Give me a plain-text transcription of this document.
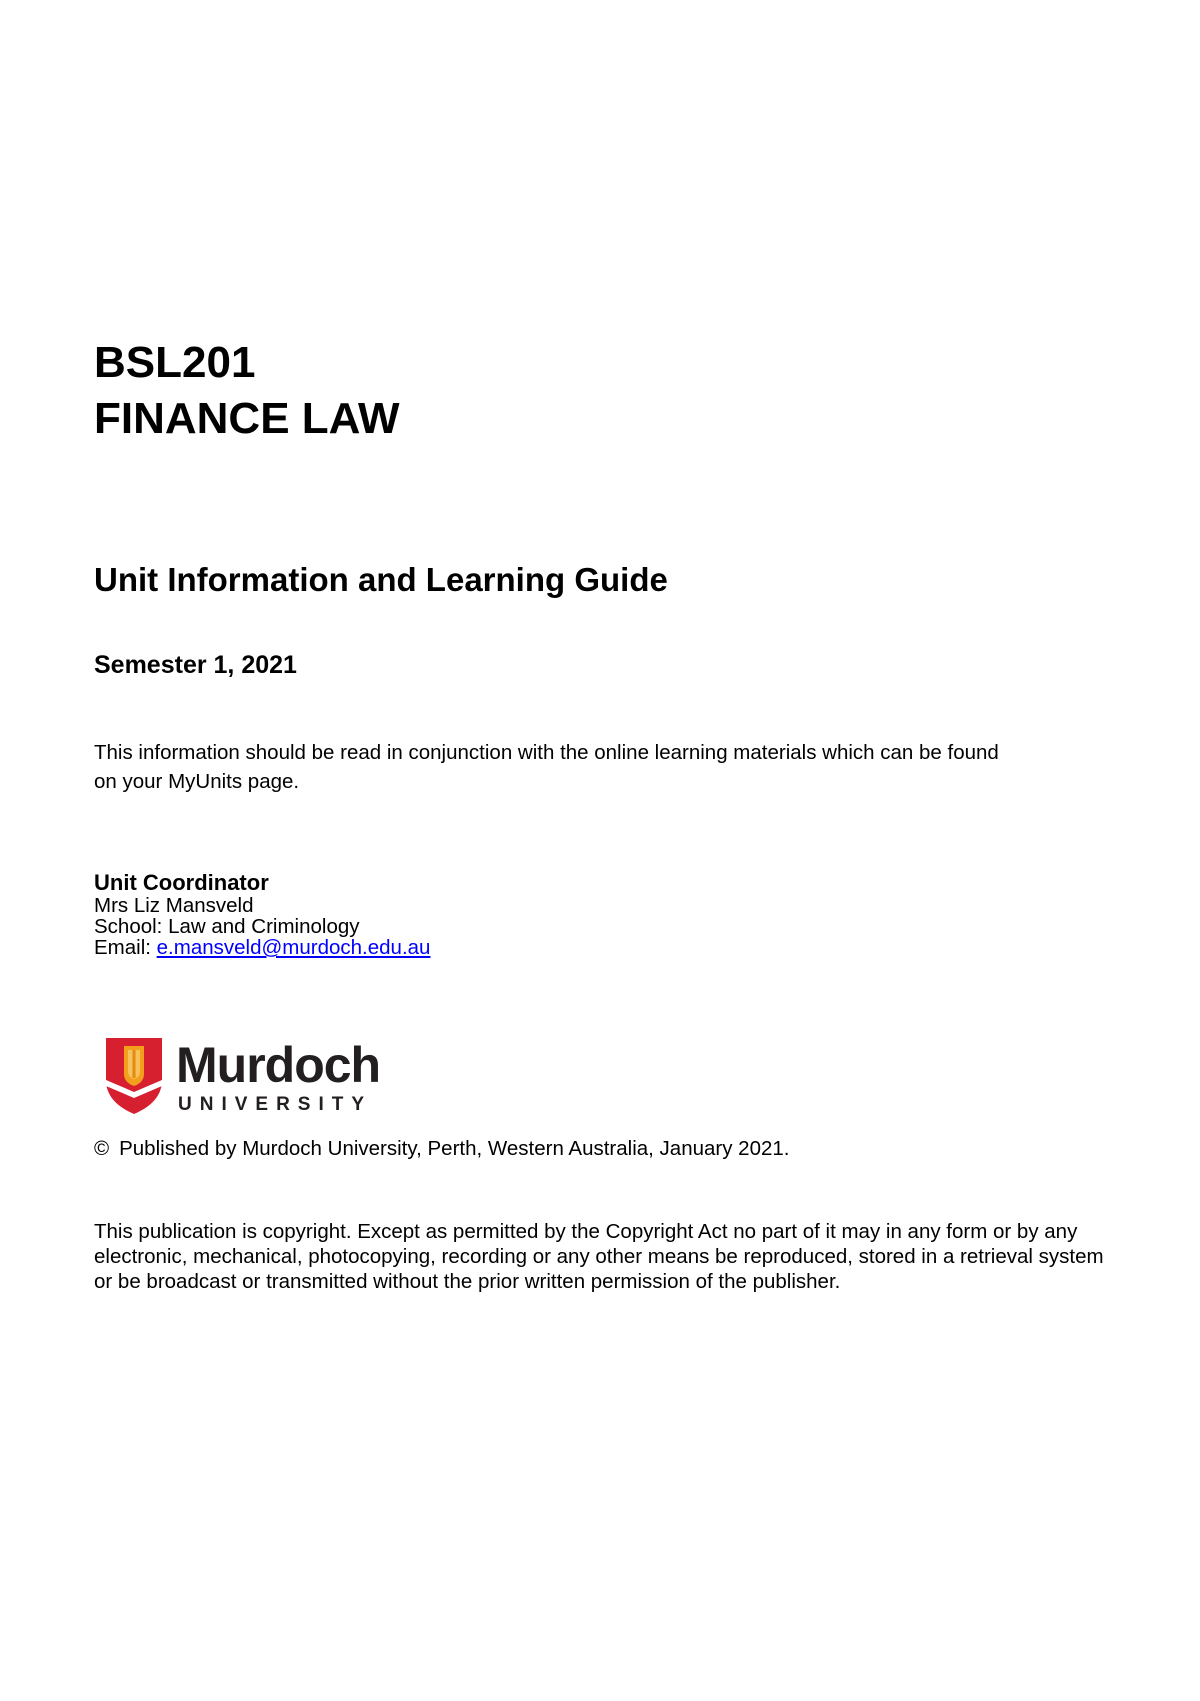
BSL201
FINANCE LAW
Unit Information and Learning Guide
Semester 1, 2021

This information should be read in conjunction with the online learning materials which can be found on your MyUnits page.

Unit Coordinator
Mrs Liz Mansveld
School: Law and Criminology
Email: e.mansveld@murdoch.edu.au
Murdoch
UNIVERSITY

© Published by Murdoch University, Perth, Western Australia, January 2021.

This publication is copyright. Except as permitted by the Copyright Act no part of it may in any form or by any electronic, mechanical, photocopying, recording or any other means be reproduced, stored in a retrieval system or be broadcast or transmitted without the prior written permission of the publisher.
